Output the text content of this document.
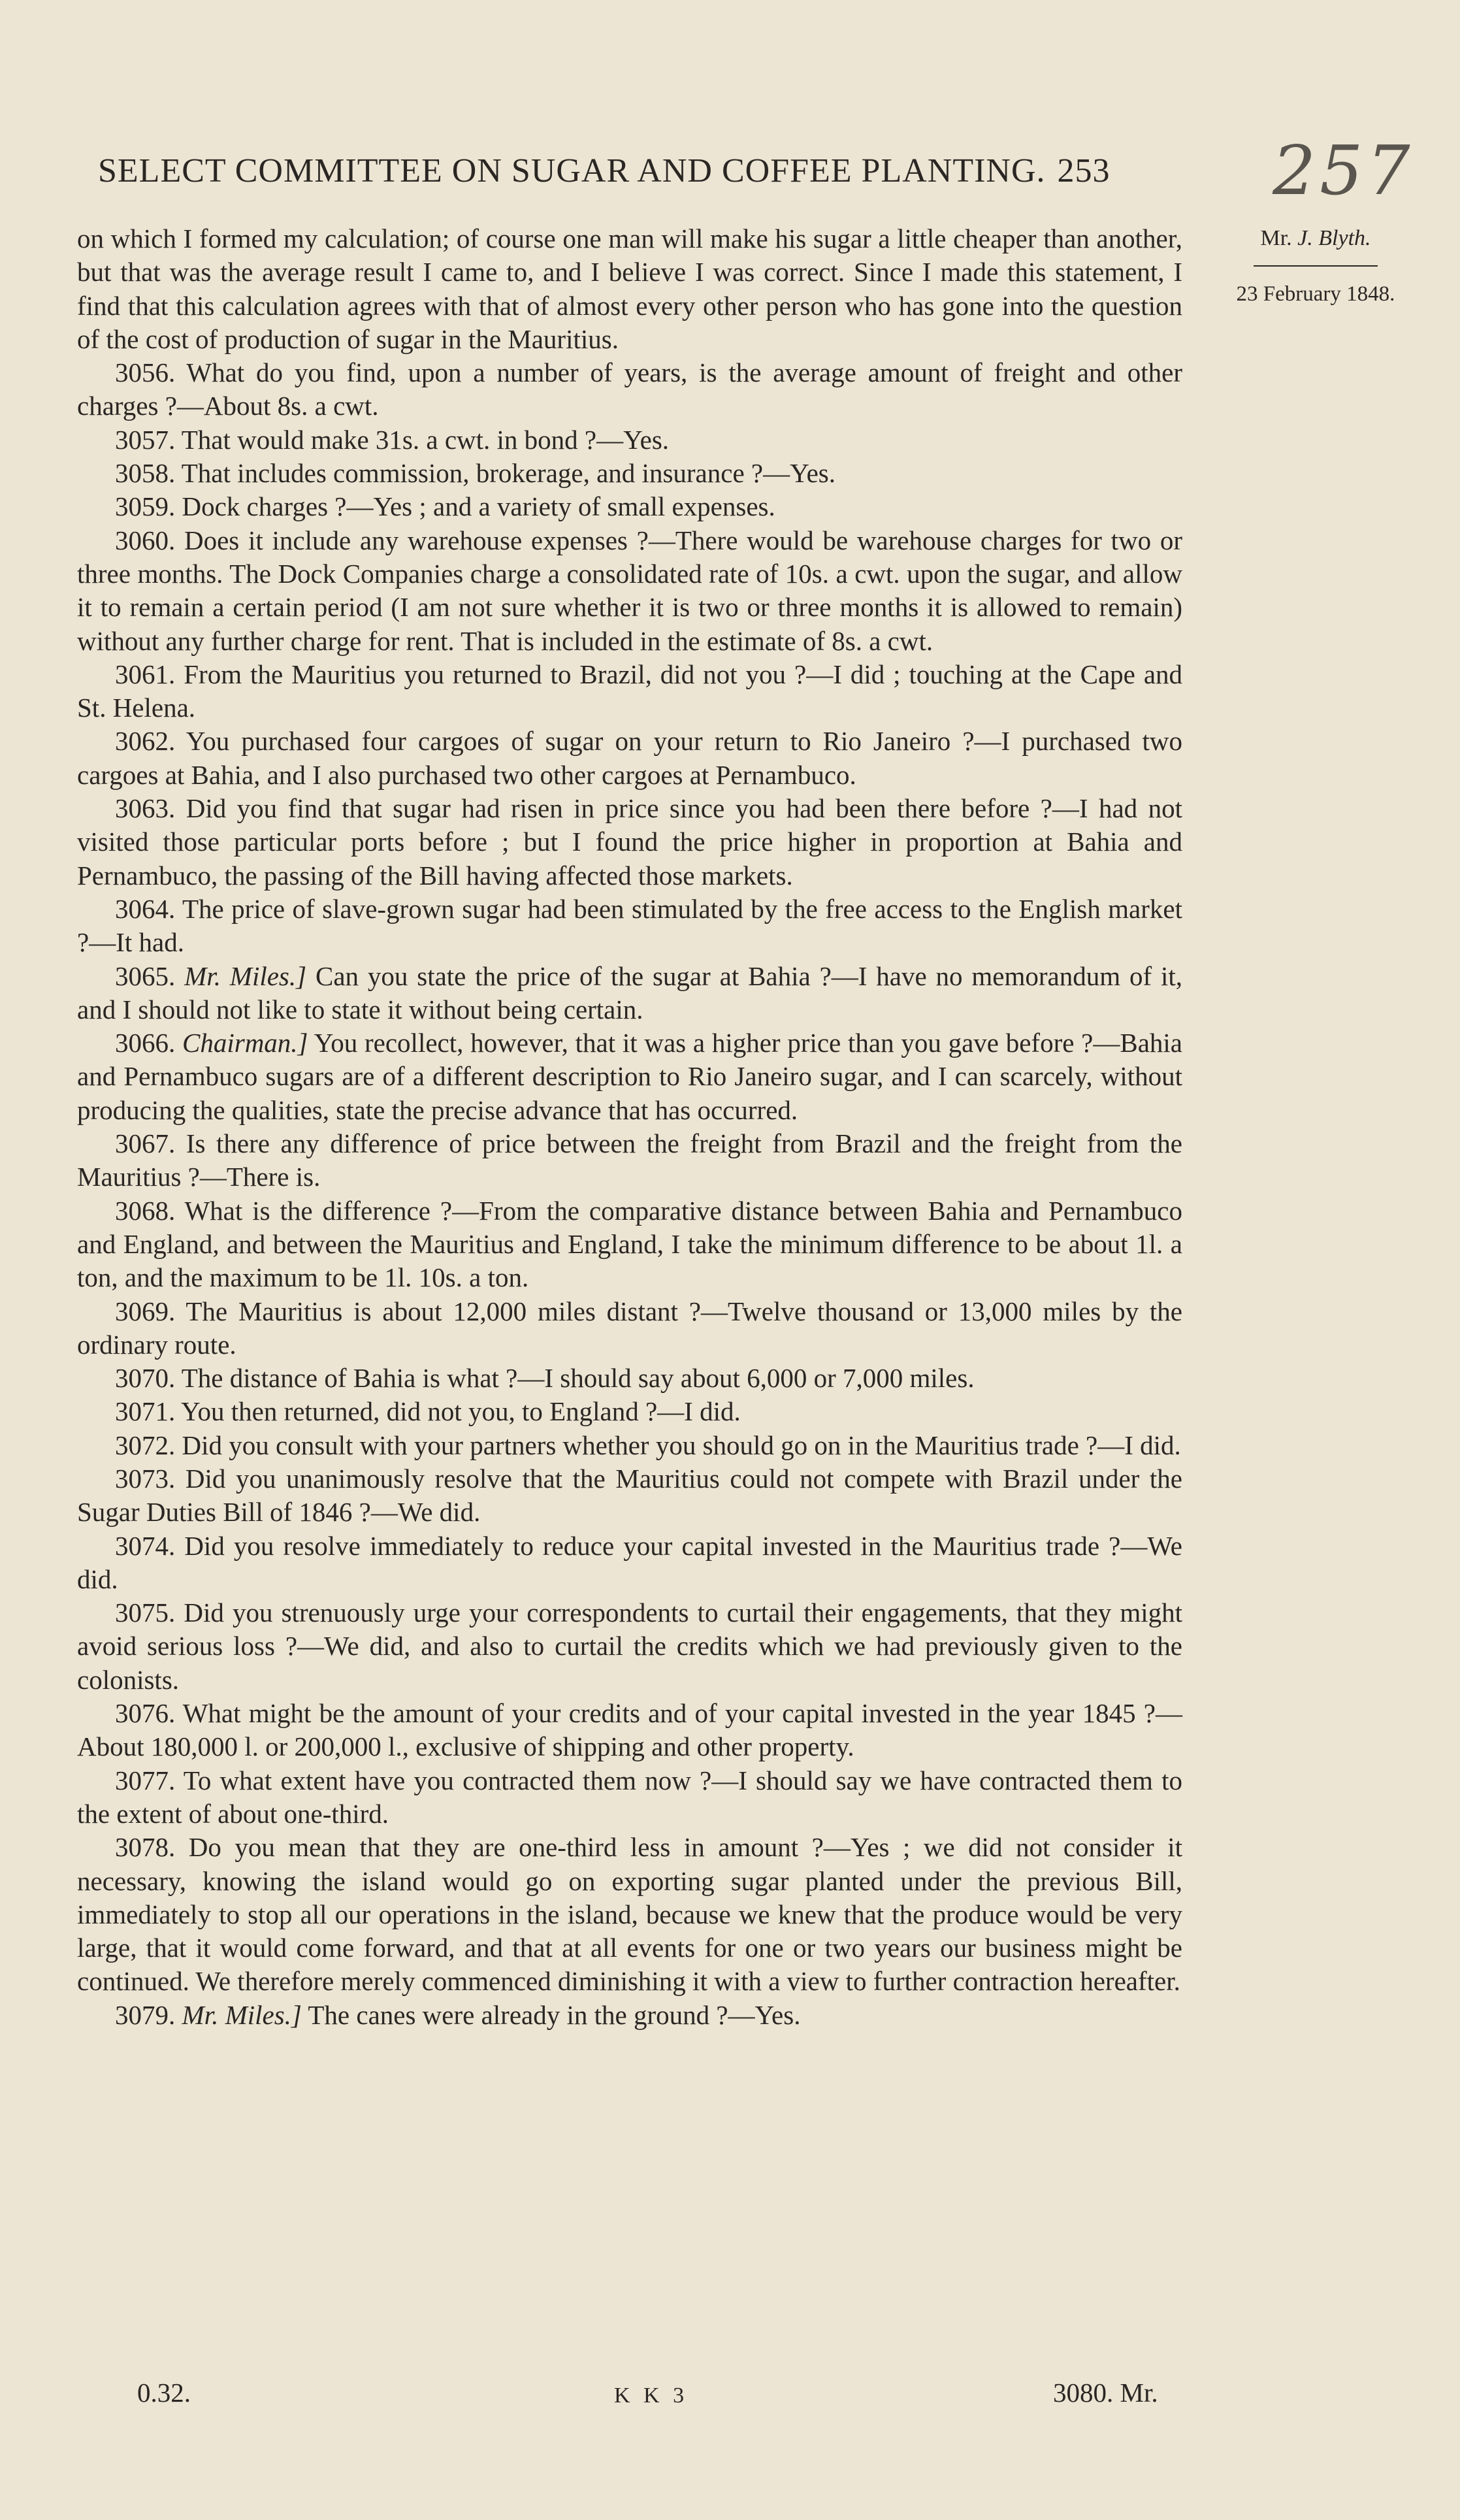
257
SELECT COMMITTEE ON SUGAR AND COFFEE PLANTING. 253
Mr. J. Blyth.
23 February 1848.

on which I formed my calculation; of course one man will make his sugar a little cheaper than another, but that was the average result I came to, and I believe I was correct. Since I made this statement, I find that this calculation agrees with that of almost every other person who has gone into the question of the cost of production of sugar in the Mauritius.

3056. What do you find, upon a number of years, is the average amount of freight and other charges ?—About 8s. a cwt.

3057. That would make 31s. a cwt. in bond ?—Yes.

3058. That includes commission, brokerage, and insurance ?—Yes.

3059. Dock charges ?—Yes ; and a variety of small expenses.

3060. Does it include any warehouse expenses ?—There would be warehouse charges for two or three months. The Dock Companies charge a consolidated rate of 10s. a cwt. upon the sugar, and allow it to remain a certain period (I am not sure whether it is two or three months it is allowed to remain) without any further charge for rent. That is included in the estimate of 8s. a cwt.

3061. From the Mauritius you returned to Brazil, did not you ?—I did ; touching at the Cape and St. Helena.

3062. You purchased four cargoes of sugar on your return to Rio Janeiro ?—I purchased two cargoes at Bahia, and I also purchased two other cargoes at Pernambuco.

3063. Did you find that sugar had risen in price since you had been there before ?—I had not visited those particular ports before ; but I found the price higher in proportion at Bahia and Pernambuco, the passing of the Bill having affected those markets.

3064. The price of slave-grown sugar had been stimulated by the free access to the English market ?—It had.

3065. Mr. Miles.] Can you state the price of the sugar at Bahia ?—I have no memorandum of it, and I should not like to state it without being certain.

3066. Chairman.] You recollect, however, that it was a higher price than you gave before ?—Bahia and Pernambuco sugars are of a different description to Rio Janeiro sugar, and I can scarcely, without producing the qualities, state the precise advance that has occurred.

3067. Is there any difference of price between the freight from Brazil and the freight from the Mauritius ?—There is.

3068. What is the difference ?—From the comparative distance between Bahia and Pernambuco and England, and between the Mauritius and England, I take the minimum difference to be about 1l. a ton, and the maximum to be 1l. 10s. a ton.

3069. The Mauritius is about 12,000 miles distant ?—Twelve thousand or 13,000 miles by the ordinary route.

3070. The distance of Bahia is what ?—I should say about 6,000 or 7,000 miles.

3071. You then returned, did not you, to England ?—I did.

3072. Did you consult with your partners whether you should go on in the Mauritius trade ?—I did.

3073. Did you unanimously resolve that the Mauritius could not compete with Brazil under the Sugar Duties Bill of 1846 ?—We did.

3074. Did you resolve immediately to reduce your capital invested in the Mauritius trade ?—We did.

3075. Did you strenuously urge your correspondents to curtail their engagements, that they might avoid serious loss ?—We did, and also to curtail the credits which we had previously given to the colonists.

3076. What might be the amount of your credits and of your capital invested in the year 1845 ?—About 180,000 l. or 200,000 l., exclusive of shipping and other property.

3077. To what extent have you contracted them now ?—I should say we have contracted them to the extent of about one-third.

3078. Do you mean that they are one-third less in amount ?—Yes ; we did not consider it necessary, knowing the island would go on exporting sugar planted under the previous Bill, immediately to stop all our operations in the island, because we knew that the produce would be very large, that it would come forward, and that at all events for one or two years our business might be continued. We therefore merely commenced diminishing it with a view to further contraction hereafter.

3079. Mr. Miles.] The canes were already in the ground ?—Yes.

0.32.	K K 3	3080. Mr.
